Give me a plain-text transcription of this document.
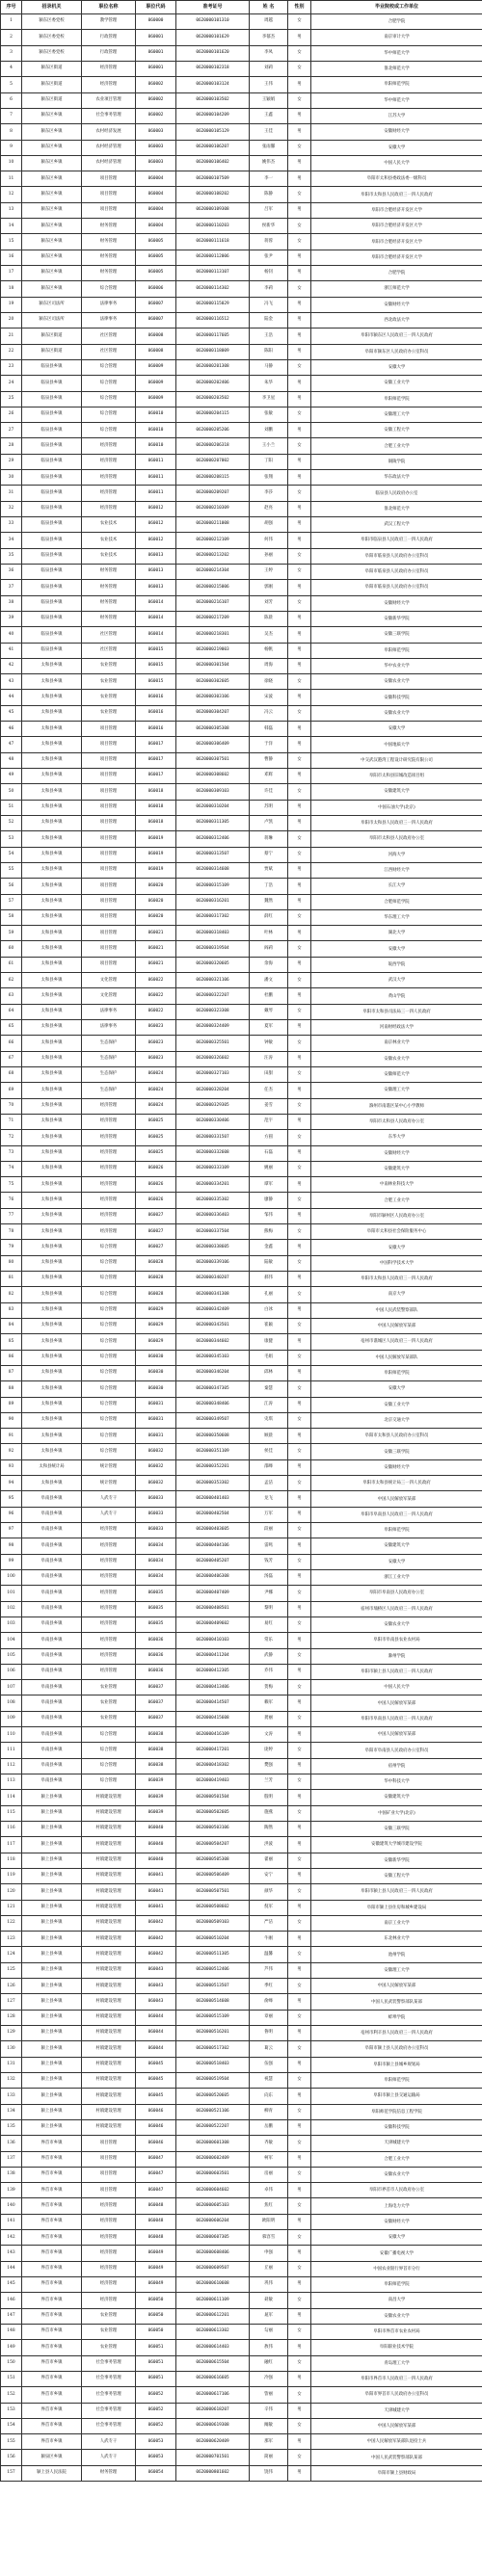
序号	招录机关	职位名称	职位代码	准考证号	姓 名	性别	毕业院校或工作单位
1	颍东区委党校	教学管理	060000	0620000101310	周越	女	合肥学院
2	颍东区委党校	行政管理	060001	0620000101629	李郁杰	男	南京审计大学
3	颍东区委党校	行政管理	060001	0620000101620	李凤	女	华中师范大学
4	颍东区街道	经济管理	060001	0620000102318	刘莉	女	淮北师范大学
5	颍东区街道	经济管理	060002	0620000103124	王伟	男	阜阳师范学院
6	颍东区街道	农业项目管理	060002	0620000103502	王颖娟	女	华中师范大学
7	颍东区乡镇	社会事务管理	060002	0620000104209	王鑫	男	江苏大学
8	颍东区乡镇	农村经济发展	060003	0620000105129	王佳	男	安徽财经大学
9	颍东区乡镇	农村经济管理	060003	0620000106207	张雨馨	女	安徽大学
10	颍东区乡镇	农村经济管理	060003	0620000106402	姚伟杰	男	中国人民大学
11	颍东区乡镇	项目管理	060004	0620000107509	李一	男	阜阳市太和县委政法委一级科员
12	颍东区乡镇	项目管理	060004	0620000108202	陈静	女	阜阳市太和县人民政府三一四人民政府
13	颍东区乡镇	项目管理	060004	0620000109308	吕军	男	阜阳市合肥经济开发区大学
14	颍东区乡镇	财务管理	060004	0620000110203	侯新华	女	阜阳市合肥经济开发区大学
15	颍东区乡镇	财务管理	060005	0620000111618	蒋蓉	女	阜阳市合肥经济开发区大学
16	颍东区乡镇	财务管理	060005	0620000112006	张尹	男	阜阳市合肥经济开发区大学
17	颍东区乡镇	财务管理	060005	0620000113107	杨钊	男	合肥学院
18	颍东区乡镇	综合管理	060006	0620000114302	李莉	女	浙江师范大学
19	颍东区司法所	法律事务	060007	0620000115029	冯飞	男	安徽财经大学
20	颍东区司法所	法律事务	060007	0620000116512	陆金	男	西北政法大学
21	颍东区街道	社区管理	060008	0620000117605	王浩	男	阜阳市颍东区人民政府三一四人民政府
22	颍东区街道	社区管理	060008	0620000118009	陈阳	男	阜阳市颍东区人民政府办公室科员
23	临泉县乡镇	综合管理	060009	0620000201308	马静	女	安徽大学
24	临泉县乡镇	综合管理	060009	0620000202406	朱华	男	安徽工业大学
25	临泉县乡镇	综合管理	060009	0620000203502	李卫星	男	阜阳师范学院
26	临泉县乡镇	综合管理	060010	0620000204115	张敏	女	安徽理工大学
27	临泉县乡镇	综合管理	060010	0620000205206	刘鹏	男	安徽工程大学
28	临泉县乡镇	经济管理	060010	0620000206318	王小兰	女	合肥工业大学
29	临泉县乡镇	经济管理	060011	0620000207002	丁阳	男	铜陵学院
30	临泉县乡镇	经济管理	060011	0620000208115	张翔	男	华东政法大学
31	临泉县乡镇	经济管理	060011	0620000209207	李莎	女	临泉县人民政府办公室
32	临泉县乡镇	经济管理	060012	0620000210309	赵亮	男	淮北师范大学
33	临泉县乡镇	农业技术	060012	0620000211008	胡强	男	武汉工程大学
34	临泉县乡镇	农业技术	060012	0620000212109	何伟	男	阜阳市临泉县人民政府三一四人民政府
35	临泉县乡镇	农业技术	060013	0620000213202	孙丽	女	阜阳市临泉县人民政府办公室科员
36	临泉县乡镇	财务管理	060013	0620000214304	王婷	女	阜阳市临泉县人民政府办公室科员
37	临泉县乡镇	财务管理	060013	0620000215006	郭刚	男	阜阳市临泉县人民政府办公室科员
38	临泉县乡镇	财务管理	060014	0620000216107	刘芳	女	安徽财经大学
39	临泉县乡镇	财务管理	060014	0620000217209	陈晨	男	安徽新华学院
40	临泉县乡镇	社区管理	060014	0620000218301	吴杰	男	安徽三联学院
41	临泉县乡镇	社区管理	060015	0620000219003	杨帆	男	阜阳师范学院
42	太和县乡镇	农业管理	060015	0620000301504	周海	男	华中农业大学
43	太和县乡镇	农业管理	060015	0620000302605	徐晓	女	安徽农业大学
44	太和县乡镇	农业管理	060016	0620000303106	宋波	男	安徽科技学院
45	太和县乡镇	农业管理	060016	0620000304207	冯云	女	安徽农业大学
46	太和县乡镇	项目管理	060016	0620000305308	韩磊	男	安徽大学
47	太和县乡镇	项目管理	060017	0620000306409	于洋	男	中国地质大学
48	太和县乡镇	项目管理	060017	0620000307501	曹静	女	中交武汉港湾工程设计研究院有限公司
49	太和县乡镇	项目管理	060017	0620000308602	邓辉	男	阜阳市太和县旧城改造项目组
50	太和县乡镇	项目管理	060018	0620000309103	许佳	女	安徽建筑大学
51	太和县乡镇	项目管理	060018	0620000310204	苏明	男	中国石油大学(北京)
52	太和县乡镇	项目管理	060018	0620000311305	卢凯	男	阜阳市太和县人民政府三一四人民政府
53	太和县乡镇	项目管理	060019	0620000312406	蒋琳	女	阜阳市太和县人民政府办公室
54	太和县乡镇	项目管理	060019	0620000313507	蔡宁	女	河海大学
55	太和县乡镇	项目管理	060019	0620000314608	贾斌	男	江西财经大学
56	太和县乡镇	项目管理	060020	0620000315109	丁浩	男	长江大学
57	太和县乡镇	项目管理	060020	0620000316201	魏然	男	合肥师范学院
58	太和县乡镇	项目管理	060020	0620000317302	薛红	女	华东理工大学
59	太和县乡镇	项目管理	060021	0620000318403	叶林	男	湖北大学
60	太和县乡镇	项目管理	060021	0620000319504	阎莉	女	安徽大学
61	太和县乡镇	项目管理	060021	0620000320605	余海	男	皖西学院
62	太和县乡镇	文化管理	060022	0620000321106	潘文	女	武汉大学
63	太和县乡镇	文化管理	060022	0620000322207	杜鹏	男	黄山学院
64	太和县乡镇	法律事务	060022	0620000323308	戴琴	女	阜阳市太和县司法局三一四人民政府
65	太和县乡镇	法律事务	060023	0620000324409	夏军	男	河南财经政法大学
66	太和县乡镇	生态保护	060023	0620000325501	钟敏	女	南京林业大学
67	太和县乡镇	生态保护	060023	0620000326602	汪涛	男	安徽农业大学
68	太和县乡镇	生态保护	060024	0620000327103	田甜	女	安徽师范大学
69	太和县乡镇	生态保护	060024	0620000328204	任杰	男	安徽理工大学
70	太和县乡镇	经济管理	060024	0620000329305	姜雪	女	滁州市南谯区某中心小学教师
71	太和县乡镇	经济管理	060025	0620000330406	范宇	男	阜阳市太和县人民政府办公室
72	太和县乡镇	经济管理	060025	0620000331507	方圆	女	东华大学
73	太和县乡镇	经济管理	060025	0620000332608	石磊	男	安徽财经大学
74	太和县乡镇	经济管理	060026	0620000333109	姚丽	女	安徽建筑大学
75	太和县乡镇	经济管理	060026	0620000334201	谭军	男	中南林业科技大学
76	太和县乡镇	经济管理	060026	0620000335302	廖静	女	合肥工业大学
77	太和县乡镇	经济管理	060027	0620000336403	邹伟	男	阜阳市颍州区人民政府办公室
78	太和县乡镇	经济管理	060027	0620000337504	熊梅	女	阜阳市太和县社会保险服务中心
79	太和县乡镇	综合管理	060027	0620000338605	金鑫	男	安徽大学
80	太和县乡镇	综合管理	060028	0620000339106	陆敏	女	中国科学技术大学
81	太和县乡镇	综合管理	060028	0620000340207	郝伟	男	阜阳市太和县人民政府三一四人民政府
82	太和县乡镇	综合管理	060028	0620000341308	孔丽	女	南京大学
83	太和县乡镇	综合管理	060029	0620000342409	白冰	男	中国人民武装警察部队
84	太和县乡镇	综合管理	060029	0620000343501	崔颖	女	中国人民解放军某部
85	太和县乡镇	综合管理	060029	0620000344602	康健	男	亳州市谯城区人民政府三一四人民政府
86	太和县乡镇	综合管理	060030	0620000345103	毛娟	女	中国人民解放军某部队
87	太和县乡镇	综合管理	060030	0620000346204	邱林	男	阜阳师范学院
88	太和县乡镇	综合管理	060030	0620000347305	秦慧	女	安徽大学
89	太和县乡镇	综合管理	060031	0620000348406	江涛	男	安徽工业大学
90	太和县乡镇	综合管理	060031	0620000349507	史琪	女	北京交通大学
91	太和县乡镇	综合管理	060031	0620000350608	顾晨	男	阜阳市太和县人民政府办公室科员
92	太和县乡镇	综合管理	060032	0620000351109	侯佳	女	安徽三联学院
93	太和县统计局	统计管理	060032	0620000352201	邵峰	男	安徽财经大学
94	太和县乡镇	统计管理	060032	0620000353302	孟洁	女	阜阳市太和县统计局三一四人民政府
95	阜南县乡镇	人武专干	060033	0620000401403	龙飞	男	中国人民解放军某部
96	阜南县乡镇	人武专干	060033	0620000402504	万军	男	阜阳市阜南县人民政府三一四人民政府
97	阜南县乡镇	经济管理	060033	0620000403605	段丽	女	阜阳师范学院
98	阜南县乡镇	经济管理	060034	0620000404106	雷鸣	男	安徽建筑大学
99	阜南县乡镇	经济管理	060034	0620000405207	钱芳	女	安徽大学
100	阜南县乡镇	经济管理	060034	0620000406308	汤磊	男	浙江工业大学
101	阜南县乡镇	经济管理	060035	0620000407409	尹娜	女	阜阳市阜南县人民政府办公室
102	阜南县乡镇	经济管理	060035	0620000408501	黎明	男	宿州市埇桥区人民政府三一四人民政府
103	阜南县乡镇	经济管理	060035	0620000409602	易红	女	安徽农业大学
104	阜南县乡镇	经济管理	060036	0620000410103	常乐	男	阜阳市阜南县农业农村局
105	阜南县乡镇	经济管理	060036	0620000411204	武静	女	滁州学院
106	阜南县乡镇	经济管理	060036	0620000412305	乔伟	男	阜阳市颍上县人民政府三一四人民政府
107	阜南县乡镇	农业管理	060037	0620000413406	贺梅	女	中国人民大学
108	阜南县乡镇	农业管理	060037	0620000414507	赖军	男	中国人民解放军某部
109	阜南县乡镇	农业管理	060037	0620000415608	龚丽	女	阜阳市阜南县人民政府三一四人民政府
110	阜南县乡镇	综合管理	060038	0620000416109	文涛	男	中国人民解放军某部
111	阜南县乡镇	综合管理	060038	0620000417201	庞婷	女	阜阳市阜南县人民政府办公室科员
112	阜南县乡镇	综合管理	060038	0620000418302	樊强	男	宿州学院
113	阜南县乡镇	综合管理	060039	0620000419403	兰芳	女	华中科技大学
114	颍上县乡镇	村镇建设管理	060039	0620000501504	殷明	男	安徽建筑大学
115	颍上县乡镇	村镇建设管理	060039	0620000502605	施燕	女	中国矿业大学(北京)
116	颍上县乡镇	村镇建设管理	060040	0620000503106	陶然	男	安徽三联学院
117	颍上县乡镇	村镇建设管理	060040	0620000504207	洪波	男	安徽建筑大学城市建设学院
118	颍上县乡镇	村镇建设管理	060040	0620000505308	翟丽	女	安徽新华学院
119	颍上县乡镇	村镇建设管理	060041	0620000506409	安宁	男	安徽工程大学
120	颍上县乡镇	村镇建设管理	060041	0620000507501	颜华	女	阜阳市颍上县人民政府三一四人民政府
121	颍上县乡镇	村镇建设管理	060041	0620000508602	倪军	男	阜阳市颍上县住房和城乡建设局
122	颍上县乡镇	村镇建设管理	060042	0620000509103	严洁	女	南京工业大学
123	颍上县乡镇	村镇建设管理	060042	0620000510204	牛刚	男	东北林业大学
124	颍上县乡镇	村镇建设管理	060042	0620000511305	温馨	女	池州学院
125	颍上县乡镇	村镇建设管理	060043	0620000512406	芦伟	男	安徽理工大学
126	颍上县乡镇	村镇建设管理	060043	0620000513507	季红	女	中国人民解放军某部
127	颍上县乡镇	村镇建设管理	060043	0620000514608	俞峰	男	中国人民武装警察部队某部
128	颍上县乡镇	村镇建设管理	060044	0620000515109	章丽	女	蚌埠学院
129	颍上县乡镇	村镇建设管理	060044	0620000516201	鲁明	男	亳州市利辛县人民政府三一四人民政府
130	颍上县乡镇	村镇建设管理	060044	0620000517302	葛云	女	阜阳市颍上县人民政府办公室科员
131	颍上县乡镇	村镇建设管理	060045	0620000518403	伍强	男	阜阳市颍上县城乡规划局
132	颍上县乡镇	村镇建设管理	060045	0620000519504	祝慧	女	阜阳师范学院
133	颍上县乡镇	村镇建设管理	060045	0620000520605	向东	男	阜阳市颍上县交通运输局
134	颍上县乡镇	村镇建设管理	060046	0620000521106	柳青	女	阜阳师范学院信息工程学院
135	颍上县乡镇	村镇建设管理	060046	0620000522207	岳鹏	男	安徽科技学院
136	界首市乡镇	项目管理	060046	0620000601308	齐敏	女	天津城建大学
137	界首市乡镇	项目管理	060047	0620000602409	柯军	男	合肥工业大学
138	界首市乡镇	项目管理	060047	0620000603501	房丽	女	安徽农业大学
139	界首市乡镇	项目管理	060047	0620000604602	卓伟	男	阜阳市界首市人民政府办公室
140	界首市乡镇	经济管理	060048	0620000605103	焦红	女	上海电力大学
141	界首市乡镇	经济管理	060048	0620000606204	欧阳明	男	安徽财经大学
142	界首市乡镇	经济管理	060048	0620000607305	慕容雪	女	安徽大学
143	界首市乡镇	经济管理	060049	0620000608406	申强	男	安徽广播电视大学
144	界首市乡镇	经济管理	060049	0620000609507	丘丽	女	中国农业银行界首市分行
145	界首市乡镇	经济管理	060049	0620000610608	巩伟	男	阜阳师范学院
146	界首市乡镇	经济管理	060050	0620000611109	聂敏	女	南昌大学
147	界首市乡镇	农业管理	060050	0620000612201	晁军	男	安徽农业大学
148	界首市乡镇	农业管理	060050	0620000613302	勾丽	女	阜阳市界首市农业农村局
149	界首市乡镇	农业管理	060051	0620000614403	敖伟	男	阜阳职业技术学院
150	界首市乡镇	社会事务管理	060051	0620000615504	融红	女	青岛理工大学
151	界首市乡镇	社会事务管理	060051	0620000616605	冷强	男	阜阳市界首市人民政府三一四人民政府
152	界首市乡镇	社会事务管理	060052	0620000617106	訾丽	女	阜阳市界首市人民政府办公室科员
153	界首市乡镇	社会事务管理	060052	0620000618207	辛伟	男	天津城建大学
154	界首市乡镇	社会事务管理	060052	0620000619308	阚敏	女	中国人民解放军某部
155	界首市乡镇	人武专干	060053	0620000620409	那军	男	中国人民解放军某部队退役士兵
156	颍泉区乡镇	人武专干	060053	0620000701501	简丽	女	中国人民武装警察部队某部
157	颍上县人民法院	财务管理	060054	0620000801602	饶伟	男	阜阳市颍上县财政局
